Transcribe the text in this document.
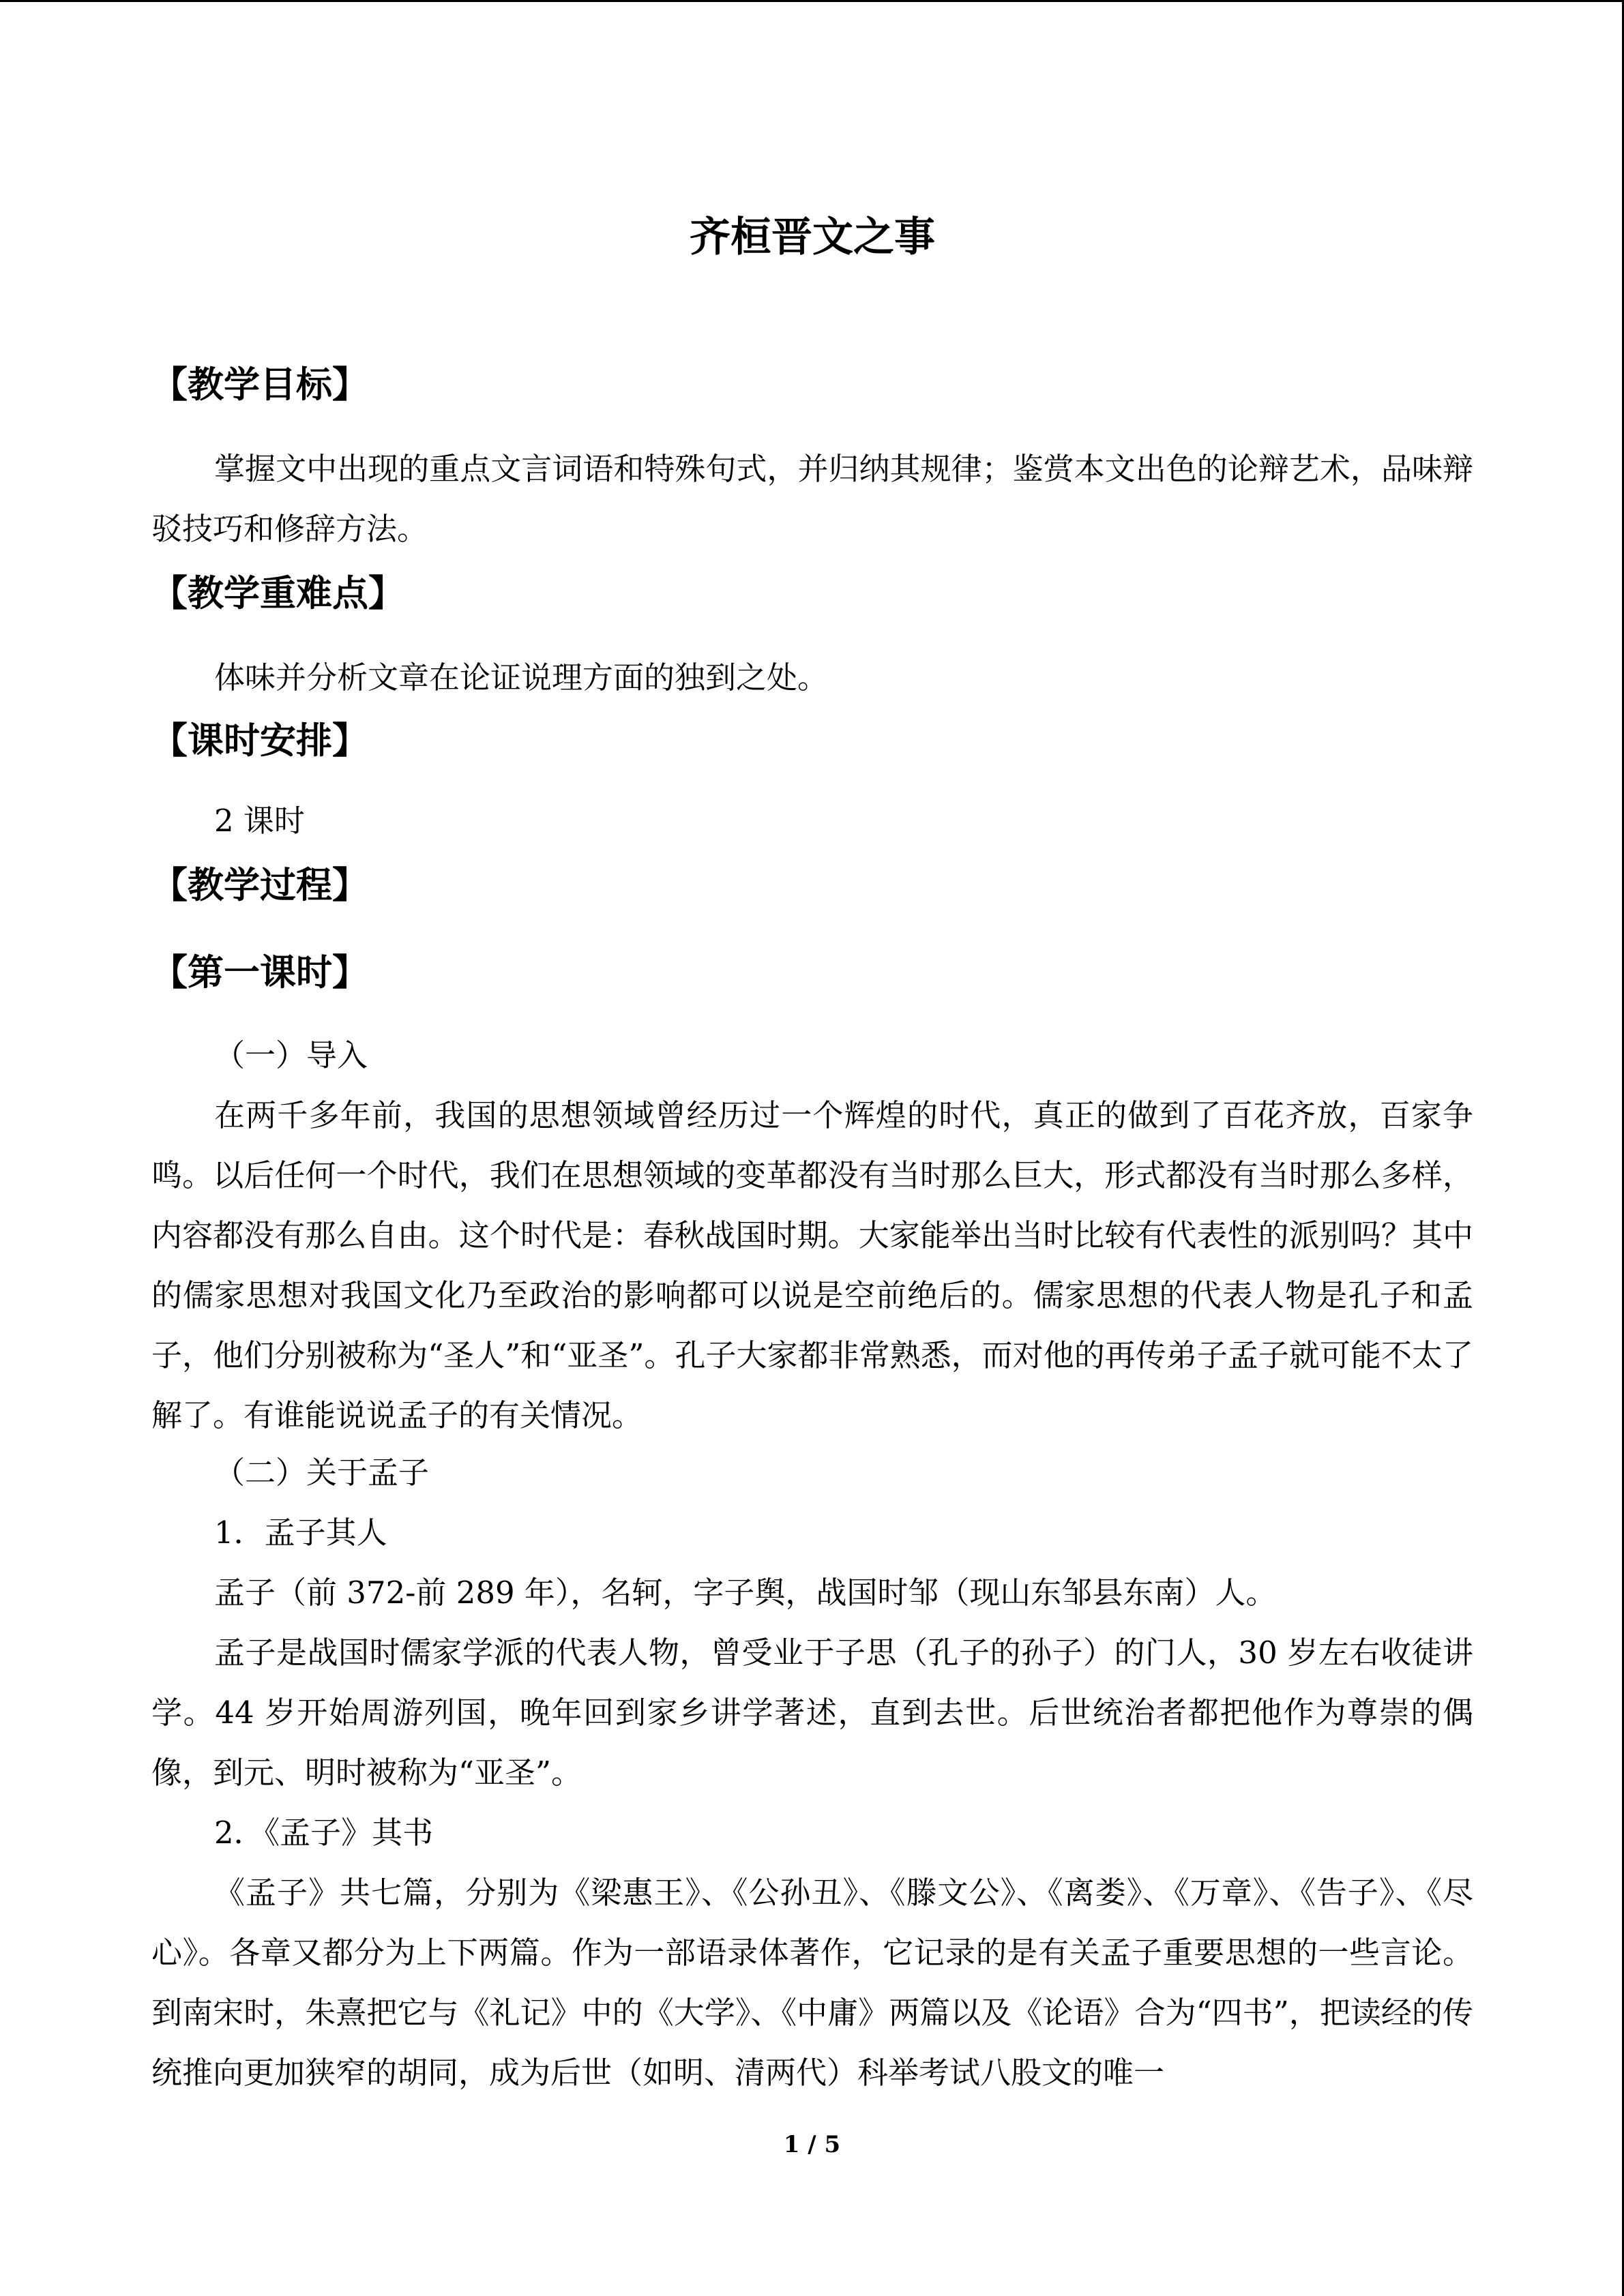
齐桓晋文之事
【教学目标】

掌握文中出现的重点文言词语和特殊句式，并归纳其规律；鉴赏本文出色的论辩艺术，品味辩驳技巧和修辞方法。

【教学重难点】

体味并分析文章在论证说理方面的独到之处。

【课时安排】

2 课时

【教学过程】
【第一课时】

（一）导入

在两千多年前，我国的思想领域曾经历过一个辉煌的时代，真正的做到了百花齐放，百家争鸣。以后任何一个时代，我们在思想领域的变革都没有当时那么巨大，形式都没有当时那么多样，内容都没有那么自由。这个时代是：春秋战国时期。大家能举出当时比较有代表性的派别吗？其中的儒家思想对我国文化乃至政治的影响都可以说是空前绝后的。儒家思想的代表人物是孔子和孟子，他们分别被称为“圣人”和“亚圣”。孔子大家都非常熟悉，而对他的再传弟子孟子就可能不太了解了。有谁能说说孟子的有关情况。

（二）关于孟子

1．孟子其人

孟子（前 372-前 289 年），名轲，字子舆，战国时邹（现山东邹县东南）人。

孟子是战国时儒家学派的代表人物，曾受业于子思（孔子的孙子）的门人，30 岁左右收徒讲学。44 岁开始周游列国，晚年回到家乡讲学著述，直到去世。后世统治者都把他作为尊崇的偶像，到元、明时被称为“亚圣”。

2．《孟子》其书

《孟子》共七篇，分别为《梁惠王》、《公孙丑》、《滕文公》、《离娄》、《万章》、《告子》、《尽心》。各章又都分为上下两篇。作为一部语录体著作，它记录的是有关孟子重要思想的一些言论。到南宋时，朱熹把它与《礼记》中的《大学》、《中庸》两篇以及《论语》合为“四书”，把读经的传统推向更加狭窄的胡同，成为后世（如明、清两代）科举考试八股文的唯一

1 / 5
